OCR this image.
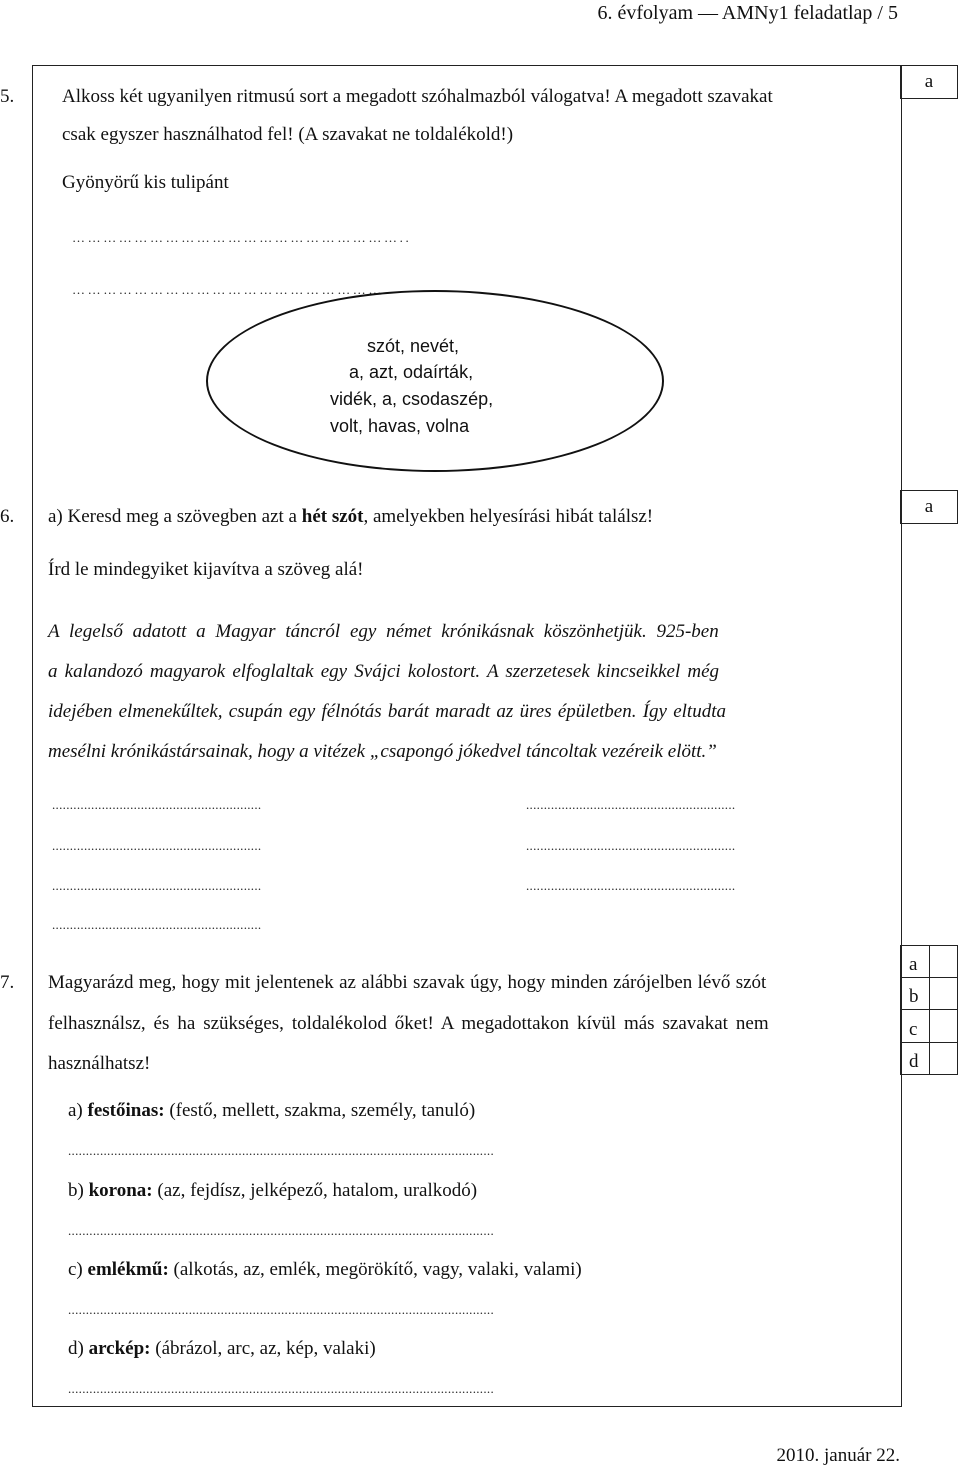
6. évfolyam — AMNy1 feladatlap / 5
5.	Alkoss két ugyanilyen ritmusú sort a megadott szóhalmazból válogatva! A megadott szavakat
csak egyszer használhatod fel! (A szavakat ne toldalékold!)
a
Gyönyörű kis tulipánt
………………………………………………………..
…………………………………………………….
szót, nevét,
a, azt, odaírták,
vidék, a, csodaszép,
volt, havas, volna
6. a) Keresd meg a szövegben azt a hét szót, amelyekben helyesírási hibát találsz!	a
Írd le mindegyiket kijavítva a szöveg alá!
A legelső adatott a Magyar táncról egy német krónikásnak köszönhetjük. 925-ben
a kalandozó magyarok elfoglaltak egy Svájci kolostort. A szerzetesek kincseikkel még
idejében elmenekűltek, csupán egy félnótás barát maradt az üres épületben. Így eltudta
mesélni krónikástársainak, hogy a vitézek „csapongó jókedvel táncoltak vezéreik elött.”
...........................................................	...........................................................
...........................................................	...........................................................
...........................................................	...........................................................
...........................................................
7. Magyarázd meg, hogy mit jelentenek az alábbi szavak úgy, hogy minden zárójelben lévő szót
felhasználsz, és ha szükséges, toldalékolod őket! A megadottakon kívül más szavakat nem
használhatsz!
a
b
c
d
a) festőinas: (festő, mellett, szakma, személy, tanuló)
........................................................................................................................
b) korona: (az, fejdísz, jelképező, hatalom, uralkodó)
........................................................................................................................
c) emlékmű: (alkotás, az, emlék, megörökítő, vagy, valaki, valami)
........................................................................................................................
d) arckép: (ábrázol, arc, az, kép, valaki)
........................................................................................................................
2010. január 22.
